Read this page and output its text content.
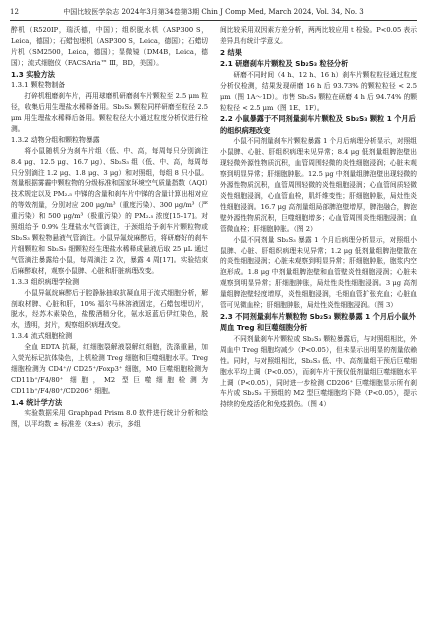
12	中国比较医学杂志 2024年3月第34卷第3期 Chin J Comp Med, March 2024, Vol. 34, No. 3

醉机（R520IP，瑞沃德，中国）；组织脱水机（ASP300 S，Leica，德国）；石蜡包埋机（ASP300 S，Leica，德国）；石蜡切片机（SM2500，Leica，德国）；显微镜（DM4B，Leica，德国）；流式细胞仪（FACSAria™ Ⅲ，BD，美国）。

1.3 实验方法
1.3.1 颗粒物制备

打碎机粗磨刹车片，再用球磨机研磨刹车片颗粒至 2.5 μm 粒径，收集后用生理盐水稀释备用。Sb₂S₃ 颗粒同样研磨至粒径 2.5 μm 用生理盐水稀释后备用。颗粒粒径大小通过粒度分析仪进行检测。

1.3.2 动物分组和颗粒物暴露

将小鼠随机分为刹车片组（低、中、高，每周每只分别滴注 8.4 μg、12.5 μg、16.7 μg）、Sb₂S₃ 组（低、中、高，每周每只分别滴注 1.2 μg、1.8 μg、3 μg）和对照组，每组 8 只小鼠。剂量根据雾霾中颗粒物的分级标准和国家环境空气质量指数（AQI）技术规定以及 PM₂.₅ 中锑的含量和刹车片中锑的含量计算出相对应的等效剂量，分别对应 200 μg/m³（重度污染）、300 μg/m³（严重污染）和 500 μg/m³（极重污染）的 PM₂.₅ 浓度[15-17]。对照组给予 0.9% 生理盐水气管滴注，于颈组给予刹车片颗粒物或 Sb₂S₃ 颗粒物悬液气管滴注。小鼠异氟烷麻醉后，将研磨好的刹车片细颗粒和 Sb₂S₃ 细颗粒经生理盐水稀释成悬液后取 25 μL 通过气管滴注暴露给小鼠，每周滴注 2 次，暴露 4 周[17]。实验结束后麻醉取材，观察小鼠脾、心脏和肝脏病理改变。

1.3.3 组织病理学检测

小鼠异氟烷麻醉后于腔静脉抽取抗凝血用于流式细胞分析，解剖取材脾、心脏和肝，10% 福尔马林溶液固定，石蜡包埋切片，脱水，经苏木素染色，盐酸酒精分化，氨水返蓝后伊红染色，脱水，透明，封片，观察组织病理改变。

1.3.4 流式细胞检测

全血 EDTA 抗凝，红细胞裂解液裂解红细胞，洗涤重悬，加入荧光标记抗体染色，上机检测 Treg 细胞和巨噬细胞水平。Treg 细胞检测为 CD4⁺// CD25⁺/Foxp3⁺ 细胞，M0 巨噬细胞检测为 CD11b⁺/F4/80⁺ 细胞，M2 型巨噬细胞检测为 CD11b⁺/F4/80⁺/CD206⁺ 细胞。

1.4 统计学方法

实验数据采用 Graphpad Prism 8.0 软件进行统计分析和绘图，以平均数 ± 标准差（x̄±s）表示，多组

间比较采用双因素方差分析，两两比较应用 t 检验。P<0.05 表示差异具有统计学意义。

2 结果
2.1 研磨刹车片颗粒及 Sb₂S₃ 粒径分析

研磨不同时间（4 h、12 h、16 h）刹车片颗粒粒径通过粒度分析仪检测，结果发现研磨 16 h 后 93.73% 的颗粒粒径 < 2.5 μm（图 1A～1D）。市售 Sb₂S₃ 颗粒在研磨 4 h 后 94.74% 的颗粒粒径 < 2.5 μm（图 1E、1F）。

2.2 小鼠暴露于不同剂量刹车片颗粒及 Sb₂S₃ 颗粒 1 个月后的组织病理改变

小鼠不同剂量刹车片颗粒暴露 1 个月后病理分析显示，对照组小鼠脾、心脏、肝组织病理未见异常；8.4 μg 低剂量组脾泡壁出现轻微外源性物质沉积，血管周围轻微的炎性细胞浸润；心脏未观察到明显异常；肝细胞肿胀。12.5 μg 中剂量组脾泡壁出现轻微的外源性物质沉积，血管周围轻微的炎性细胞浸润；心血管间质轻微炎性细胞浸润，心血管血栓，肌纤维变性；肝细胞肿胀，局灶性炎性细胞浸润。16.7 μg 高剂量组局部脾泡壁增厚，脾泡融合，脾泡壁外源性物质沉积，巨噬细胞增多；心血管周围炎性细胞浸润；血管微血栓；肝细胞肿胀。（图 2）

小鼠不同剂量 Sb₂S₃ 暴露 1 个月后病理分析显示，对照组小鼠脾、心脏、肝组织病理未见异常；1.2 μg 低剂量组脾泡壁散在的炎性细胞浸润；心脏未观察到明显异常；肝细胞肿胀，胞浆内空泡形成。1.8 μg 中剂量组脾泡壁和血管壁炎性细胞浸润；心脏未观察到明显异常；肝细胞肿胀，局灶性炎性细胞浸润。3 μg 高剂量组脾泡壁轻度增厚，炎性细胞浸润，毛细血管扩张充血；心脏血管可见微血栓；肝细胞肿胀，局灶性炎性细胞浸润。（图 3）

2.3 不同剂量刹车片颗粒物 Sb₂S₃ 颗粒暴露 1 个月后小鼠外周血 Treg 和巨噬细胞分析

不同剂量刹车片颗粒或 Sb₂S₃ 颗粒暴露后，与对照组相比，外周血中 Treg 细胞均减少（P<0.05），但未显示出明显的剂量依赖性。同时，与对照组相比，Sb₂S₃ 低、中、高剂量组干预后巨噬细胞水平均上调（P<0.05），而刹车片干预仅低剂量组巨噬细胞水平上调（P<0.05），同时进一步检测 CD206⁺ 巨噬细胞显示所有刹车片或 Sb₂S₃ 干预组的 M2 型巨噬细胞均下降（P<0.05），提示持续的免疫活化和免疫损伤。（图 4）
